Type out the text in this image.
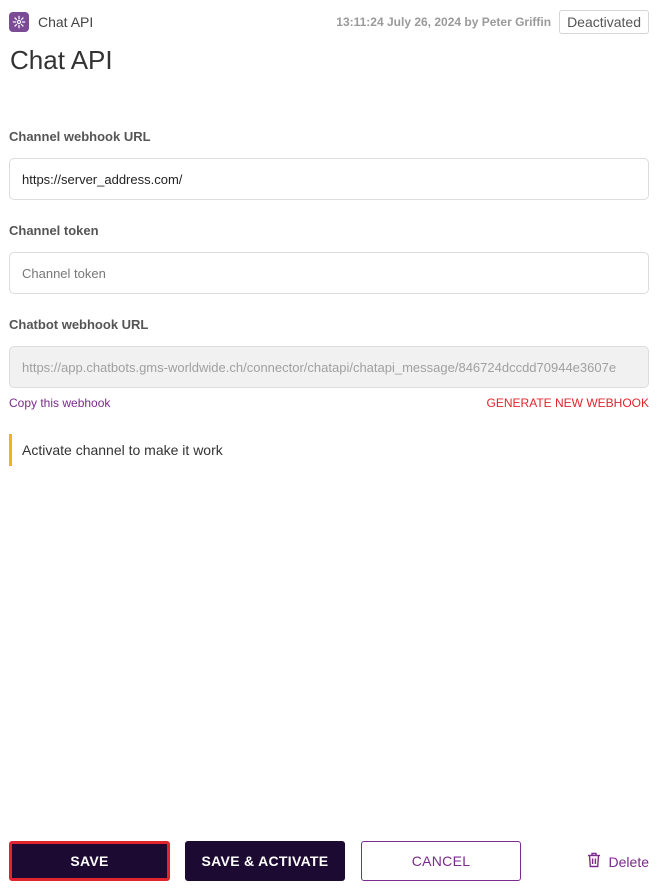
Chat API	13:11:24 July 26, 2024 by Peter Griffin	Deactivated
Chat API
Channel webhook URL
https://server_address.com/
Channel token
Channel token
Chatbot webhook URL
https://app.chatbots.gms-worldwide.ch/connector/chatapi/chatapi_message/846724dccdd70944e3607e
Copy this webhook	GENERATE NEW WEBHOOK
Activate channel to make it work
SAVE	SAVE & ACTIVATE	CANCEL	Delete
